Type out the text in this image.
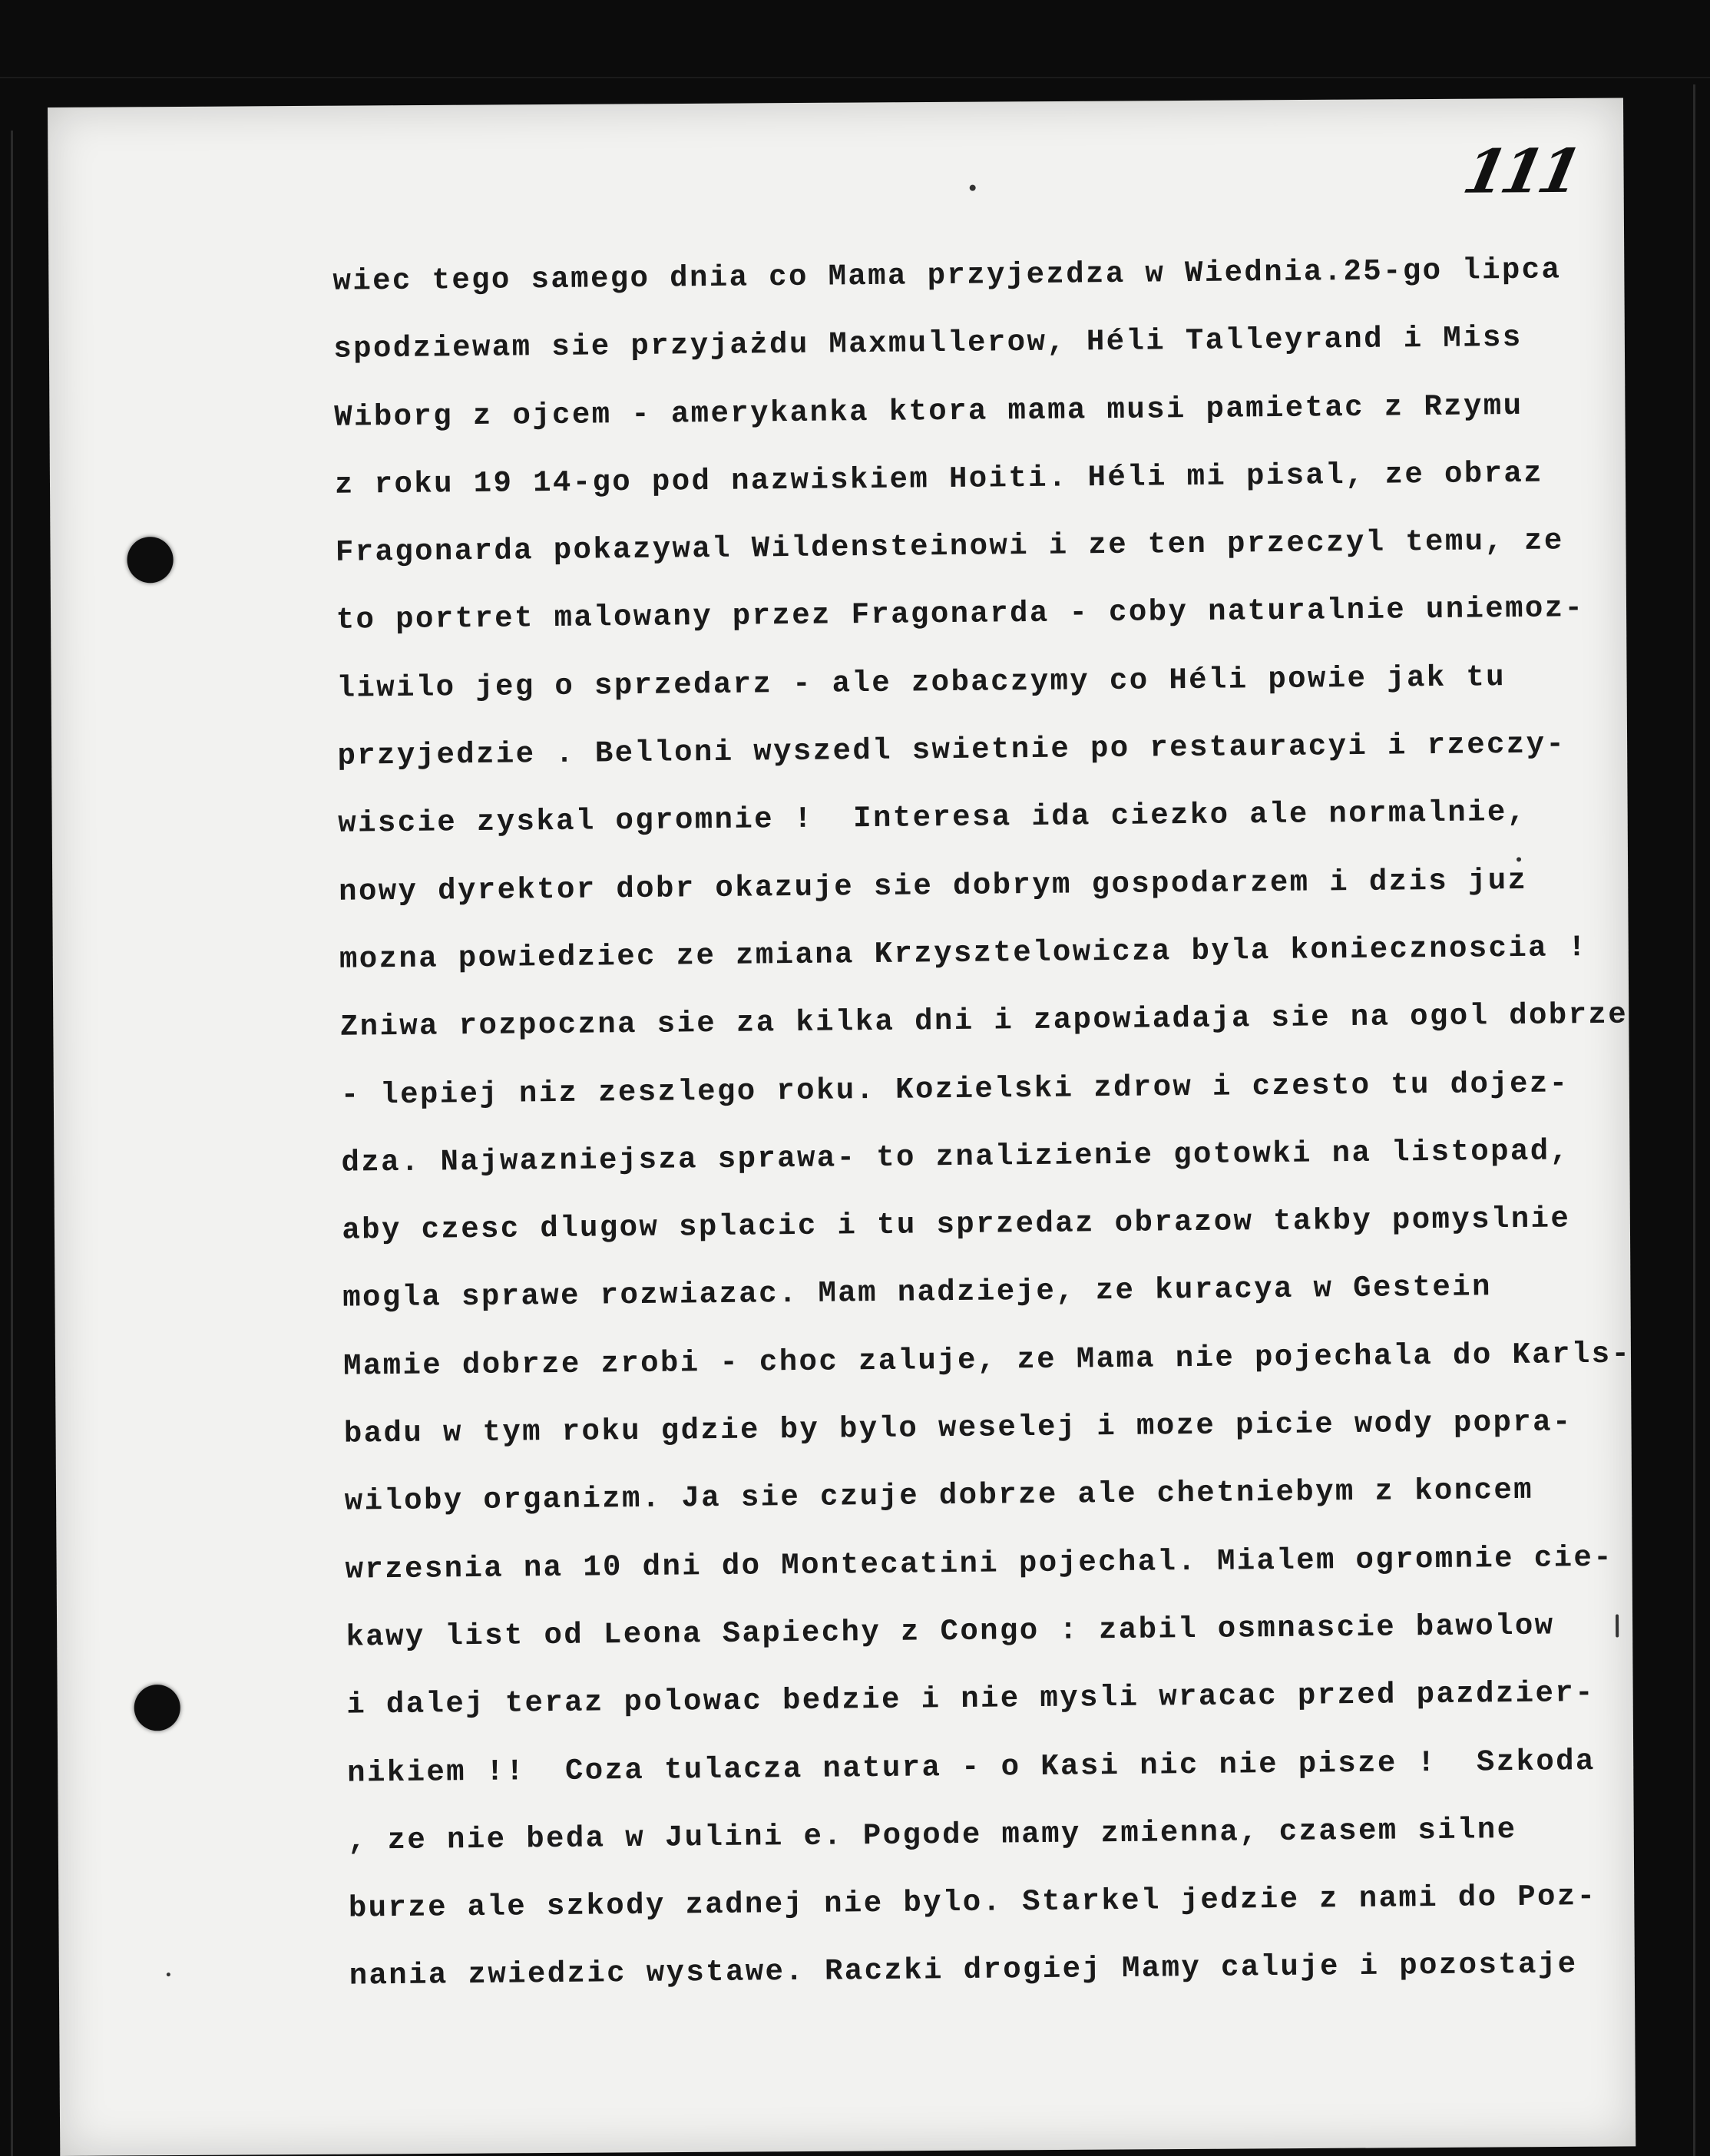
111
wiec tego samego dnia co Mama przyjezdza w Wiednia.25-go lipca
spodziewam sie przyjażdu Maxmullerow, Héli Talleyrand i Miss
Wiborg z ojcem - amerykanka ktora mama musi pamietac z Rzymu
z roku 19 14-go pod nazwiskiem Hoiti. Héli mi pisal, ze obraz
Fragonarda pokazywal Wildensteinowi i ze ten przeczyl temu, ze
to portret malowany przez Fragonarda - coby naturalnie uniemoz-
liwilo jeg o sprzedarz - ale zobaczymy co Héli powie jak tu
przyjedzie . Belloni wyszedl swietnie po restauracyi i rzeczy-
wiscie zyskal ogromnie !  Interesa ida ciezko ale normalnie,
nowy dyrektor dobr okazuje sie dobrym gospodarzem i dzis juz
mozna powiedziec ze zmiana Krzysztelowicza byla koniecznoscia !
Zniwa rozpoczna sie za kilka dni i zapowiadaja sie na ogol dobrze
- lepiej niz zeszlego roku. Kozielski zdrow i czesto tu dojez-
dza. Najwazniejsza sprawa- to znalizienie gotowki na listopad,
aby czesc dlugow splacic i tu sprzedaz obrazow takby pomyslnie
mogla sprawe rozwiazac. Mam nadzieje, ze kuracya w Gestein
Mamie dobrze zrobi - choc zaluje, ze Mama nie pojechala do Karls-
badu w tym roku gdzie by bylo weselej i moze picie wody popra-
wiloby organizm. Ja sie czuje dobrze ale chetniebym z koncem
wrzesnia na 10 dni do Montecatini pojechal. Mialem ogromnie cie-
kawy list od Leona Sapiechy z Congo : zabil osmnascie bawolow
i dalej teraz polowac bedzie i nie mysli wracac przed pazdzier-
nikiem !!  Coza tulacza natura - o Kasi nic nie pisze !  Szkoda
, ze nie beda w Julini e. Pogode mamy zmienna, czasem silne
burze ale szkody zadnej nie bylo. Starkel jedzie z nami do Poz-
nania zwiedzic wystawe. Raczki drogiej Mamy caluje i pozostaje
